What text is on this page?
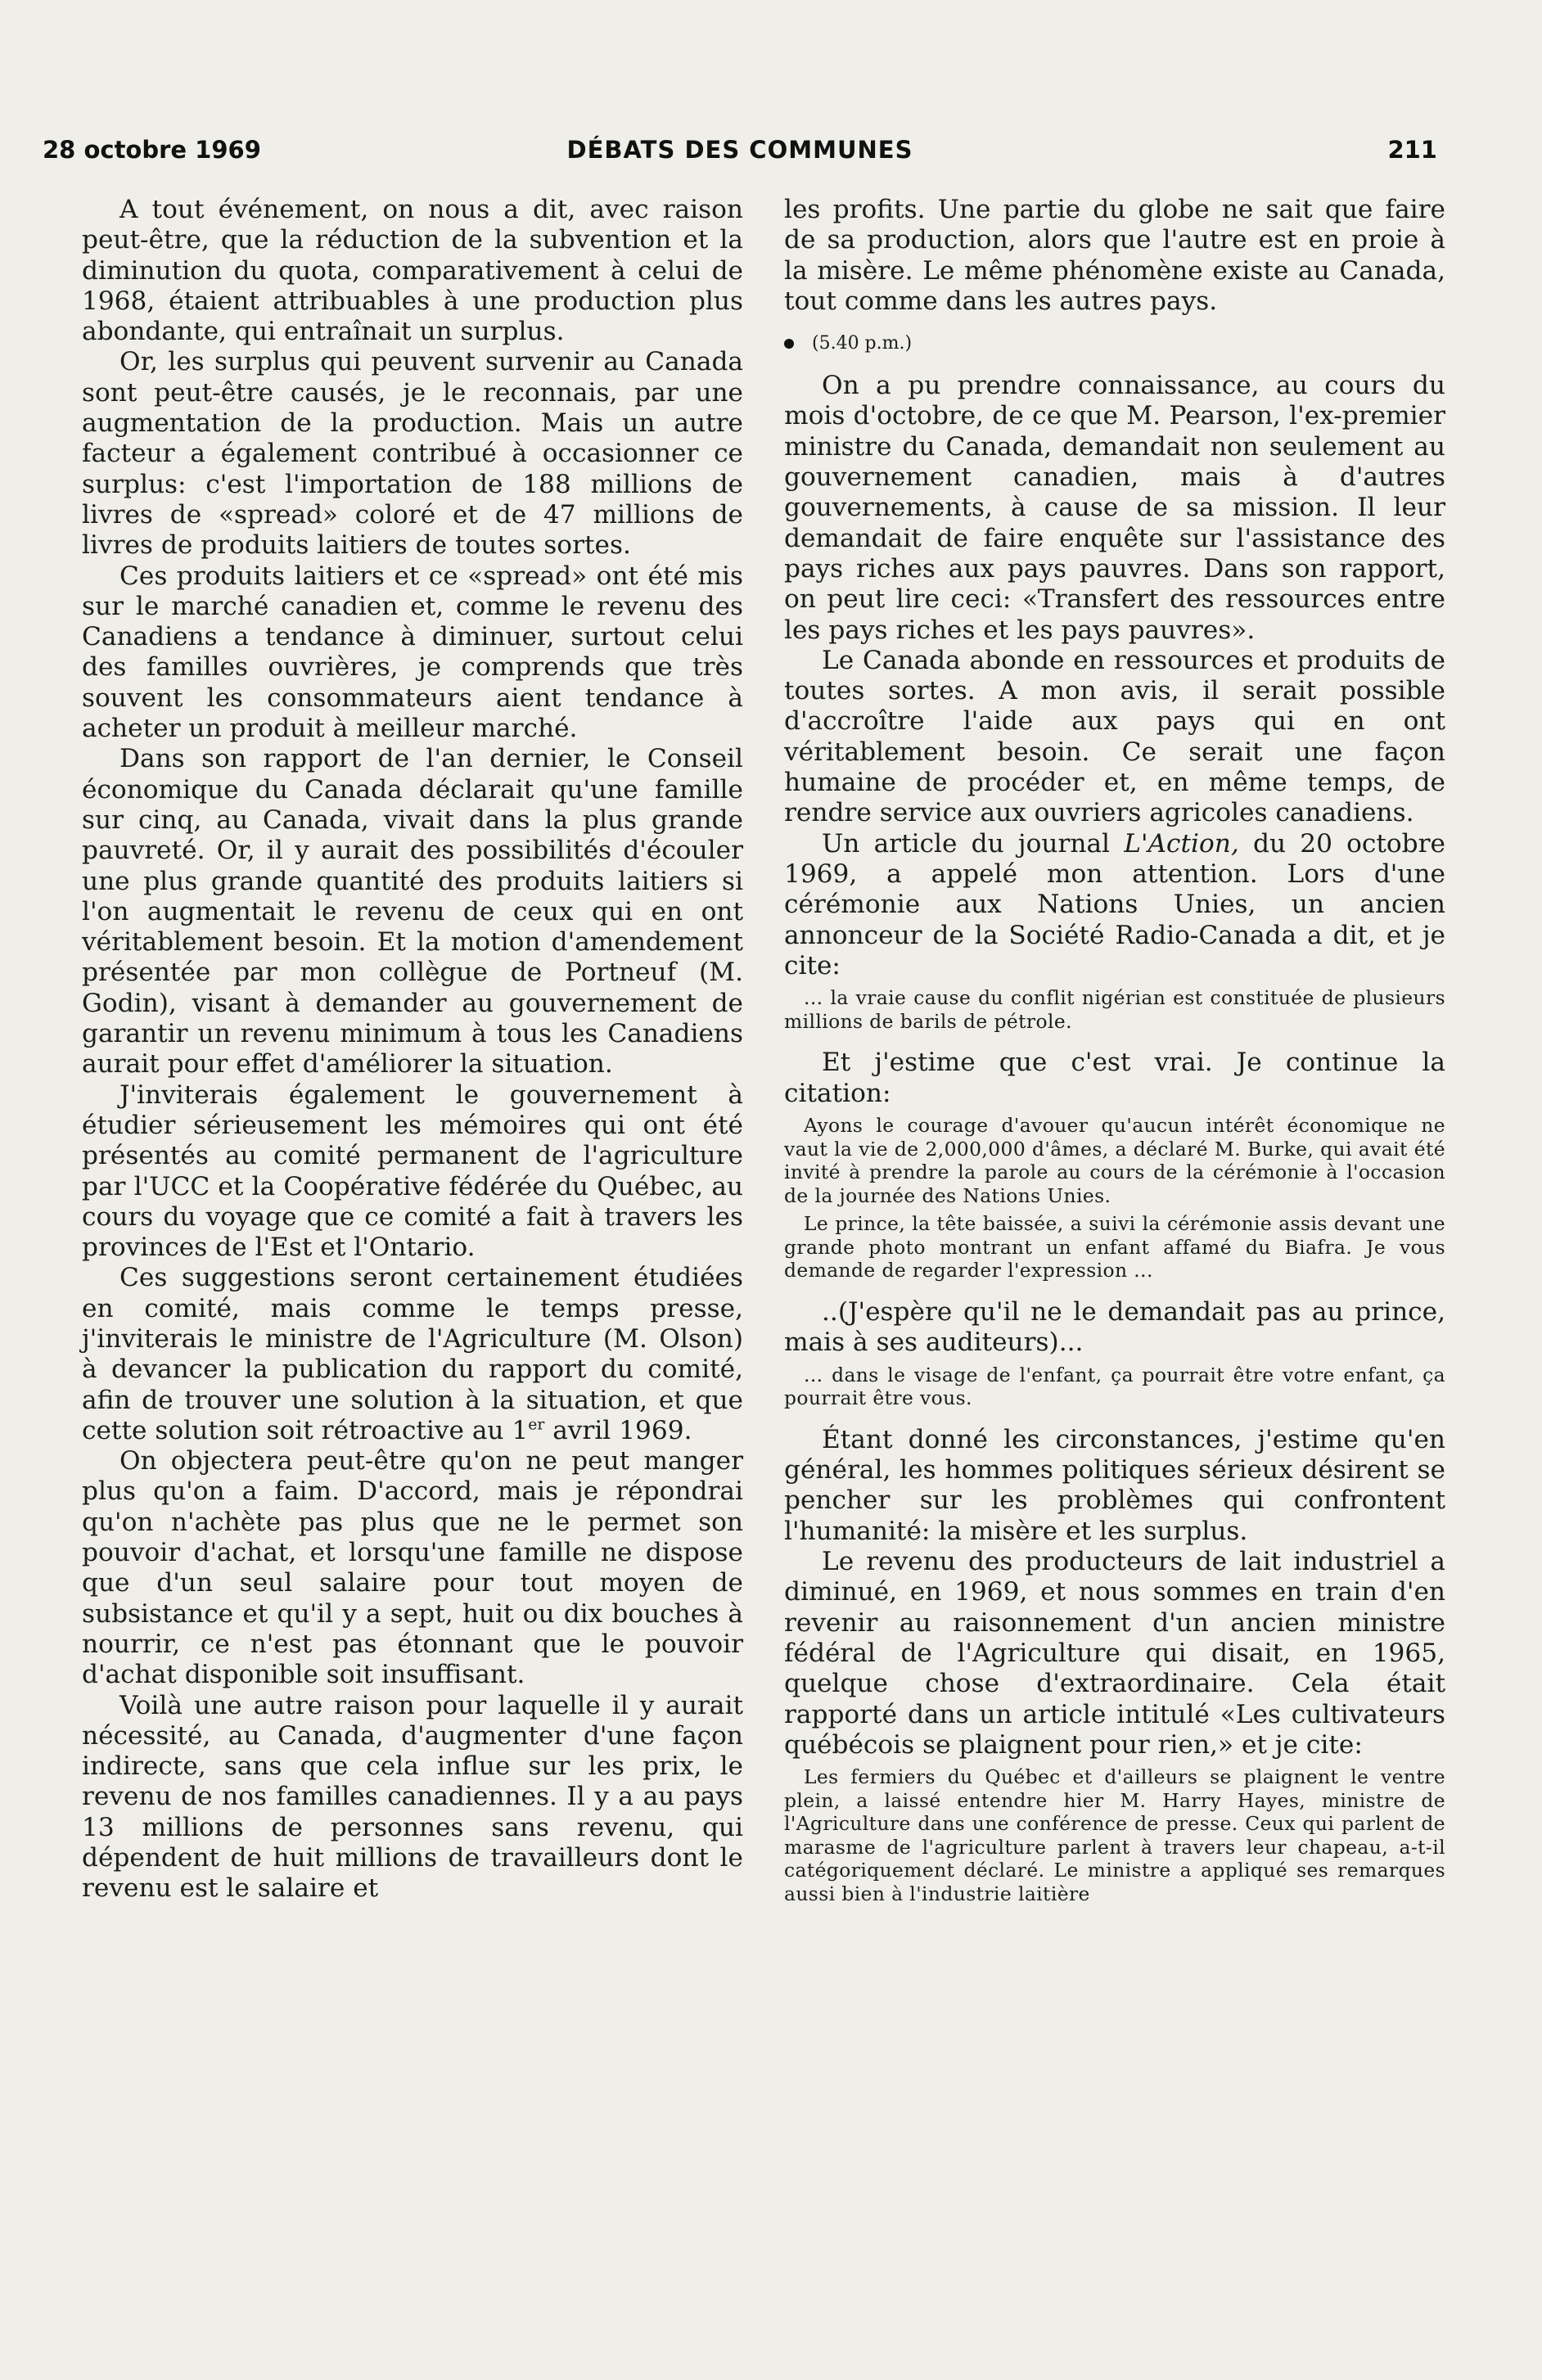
28 octobre 1969	DÉBATS DES COMMUNES	211

A tout événement, on nous a dit, avec raison peut-être, que la réduction de la subvention et la diminution du quota, comparativement à celui de 1968, étaient attribuables à une production plus abondante, qui entraînait un surplus.

Or, les surplus qui peuvent survenir au Canada sont peut-être causés, je le reconnais, par une augmentation de la production. Mais un autre facteur a également contribué à occasionner ce surplus: c'est l'importation de 188 millions de livres de «spread» coloré et de 47 millions de livres de produits laitiers de toutes sortes.

Ces produits laitiers et ce «spread» ont été mis sur le marché canadien et, comme le revenu des Canadiens a tendance à diminuer, surtout celui des familles ouvrières, je comprends que très souvent les consommateurs aient tendance à acheter un produit à meilleur marché.

Dans son rapport de l'an dernier, le Conseil économique du Canada déclarait qu'une famille sur cinq, au Canada, vivait dans la plus grande pauvreté. Or, il y aurait des possibilités d'écouler une plus grande quantité des produits laitiers si l'on augmentait le revenu de ceux qui en ont véritablement besoin. Et la motion d'amendement présentée par mon collègue de Portneuf (M. Godin), visant à demander au gouvernement de garantir un revenu minimum à tous les Canadiens aurait pour effet d'améliorer la situation.

J'inviterais également le gouvernement à étudier sérieusement les mémoires qui ont été présentés au comité permanent de l'agriculture par l'UCC et la Coopérative fédérée du Québec, au cours du voyage que ce comité a fait à travers les provinces de l'Est et l'Ontario.

Ces suggestions seront certainement étudiées en comité, mais comme le temps presse, j'inviterais le ministre de l'Agriculture (M. Olson) à devancer la publication du rapport du comité, afin de trouver une solution à la situation, et que cette solution soit rétroactive au 1er avril 1969.

On objectera peut-être qu'on ne peut manger plus qu'on a faim. D'accord, mais je répondrai qu'on n'achète pas plus que ne le permet son pouvoir d'achat, et lorsqu'une famille ne dispose que d'un seul salaire pour tout moyen de subsistance et qu'il y a sept, huit ou dix bouches à nourrir, ce n'est pas étonnant que le pouvoir d'achat disponible soit insuffisant.

Voilà une autre raison pour laquelle il y aurait nécessité, au Canada, d'augmenter d'une façon indirecte, sans que cela influe sur les prix, le revenu de nos familles canadiennes. Il y a au pays 13 millions de personnes sans revenu, qui dépendent de huit millions de travailleurs dont le revenu est le salaire et

les profits. Une partie du globe ne sait que faire de sa production, alors que l'autre est en proie à la misère. Le même phénomène existe au Canada, tout comme dans les autres pays.

(5.40 p.m.)

On a pu prendre connaissance, au cours du mois d'octobre, de ce que M. Pearson, l'ex-premier ministre du Canada, demandait non seulement au gouvernement canadien, mais à d'autres gouvernements, à cause de sa mission. Il leur demandait de faire enquête sur l'assistance des pays riches aux pays pauvres. Dans son rapport, on peut lire ceci: «Transfert des ressources entre les pays riches et les pays pauvres».

Le Canada abonde en ressources et produits de toutes sortes. A mon avis, il serait possible d'accroître l'aide aux pays qui en ont véritablement besoin. Ce serait une façon humaine de procéder et, en même temps, de rendre service aux ouvriers agricoles canadiens.

Un article du journal L'Action, du 20 octobre 1969, a appelé mon attention. Lors d'une cérémonie aux Nations Unies, un ancien annonceur de la Société Radio-Canada a dit, et je cite:

... la vraie cause du conflit nigérian est constituée de plusieurs millions de barils de pétrole.

Et j'estime que c'est vrai. Je continue la citation:

Ayons le courage d'avouer qu'aucun intérêt économique ne vaut la vie de 2,000,000 d'âmes, a déclaré M. Burke, qui avait été invité à prendre la parole au cours de la cérémonie à l'occasion de la journée des Nations Unies.

Le prince, la tête baissée, a suivi la cérémonie assis devant une grande photo montrant un enfant affamé du Biafra. Je vous demande de regarder l'expression ...

..(J'espère qu'il ne le demandait pas au prince, mais à ses auditeurs)...

... dans le visage de l'enfant, ça pourrait être votre enfant, ça pourrait être vous.

Étant donné les circonstances, j'estime qu'en général, les hommes politiques sérieux désirent se pencher sur les problèmes qui confrontent l'humanité: la misère et les surplus.

Le revenu des producteurs de lait industriel a diminué, en 1969, et nous sommes en train d'en revenir au raisonnement d'un ancien ministre fédéral de l'Agriculture qui disait, en 1965, quelque chose d'extraordinaire. Cela était rapporté dans un article intitulé «Les cultivateurs québécois se plaignent pour rien,» et je cite:

Les fermiers du Québec et d'ailleurs se plaignent le ventre plein, a laissé entendre hier M. Harry Hayes, ministre de l'Agriculture dans une conférence de presse. Ceux qui parlent de marasme de l'agriculture parlent à travers leur chapeau, a-t-il catégoriquement déclaré. Le ministre a appliqué ses remarques aussi bien à l'industrie laitière
